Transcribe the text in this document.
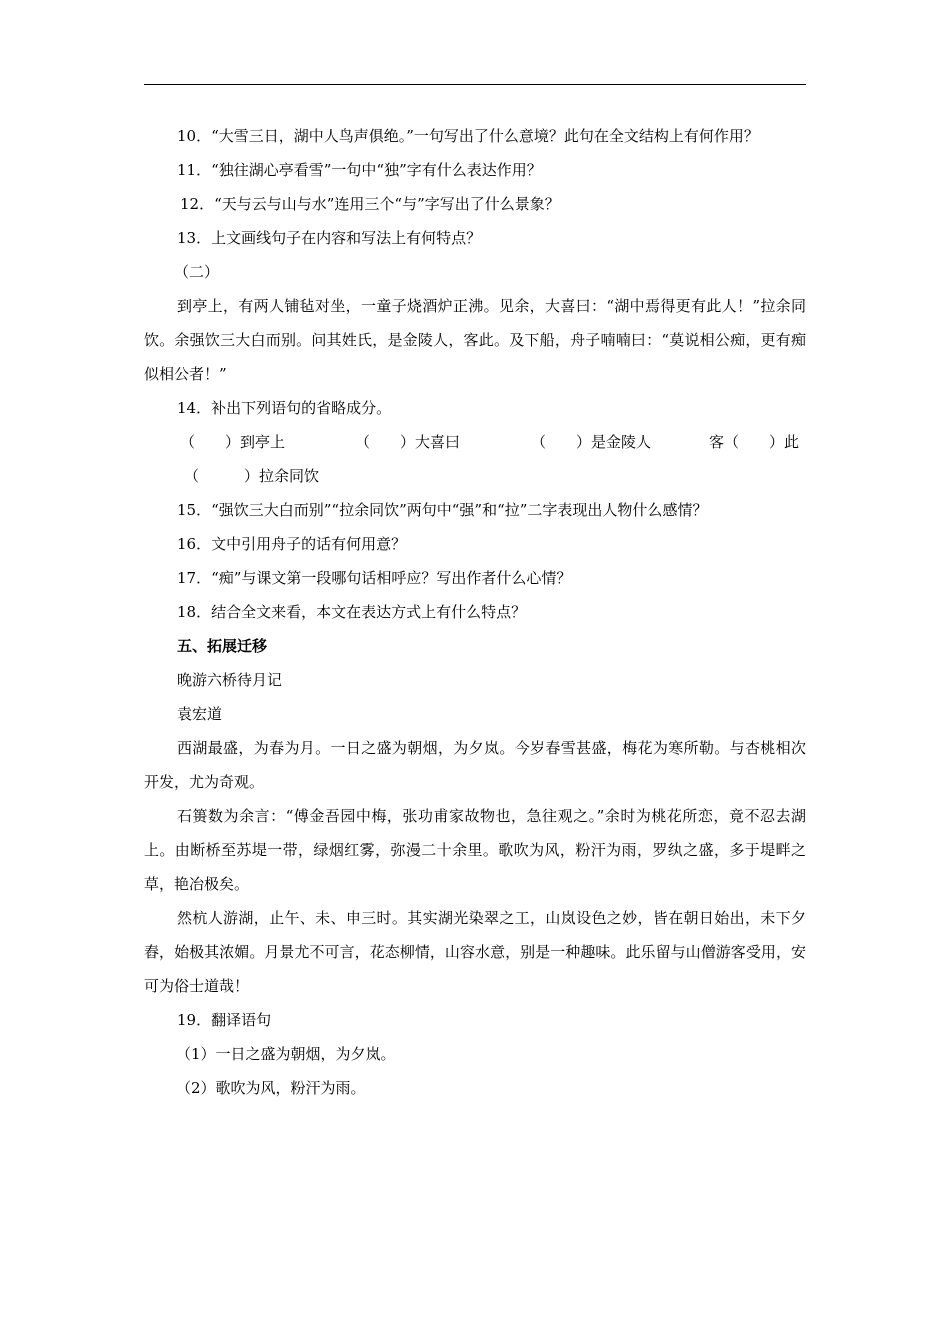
10．“大雪三日，湖中人鸟声俱绝。”一句写出了什么意境？此句在全文结构上有何作用？

11．“独往湖心亭看雪”一句中“独”字有什么表达作用？

12．“天与云与山与水”连用三个“与”字写出了什么景象？

13．上文画线句子在内容和写法上有何特点？

（二）

到亭上，有两人铺毡对坐，一童子烧酒炉正沸。见余，大喜曰：“湖中焉得更有此人！”拉余同饮。余强饮三大白而别。问其姓氏，是金陵人，客此。及下船，舟子喃喃曰：“莫说相公痴，更有痴似相公者！”

14．补出下列语句的省略成分。

（　　）到亭上	（　　）大喜曰	（　　）是金陵人	客（　　）此
（　　　）拉余同饮

15．“强饮三大白而别”“拉余同饮”两句中“强”和“拉”二字表现出人物什么感情？

16．文中引用舟子的话有何用意？

17．“痴”与课文第一段哪句话相呼应？写出作者什么心情？

18．结合全文来看，本文在表达方式上有什么特点？

五、拓展迁移

晚游六桥待月记

袁宏道

西湖最盛，为春为月。一日之盛为朝烟，为夕岚。今岁春雪甚盛，梅花为寒所勒。与杏桃相次开发，尤为奇观。

石篑数为余言：“傅金吾园中梅，张功甫家故物也，急往观之。”余时为桃花所恋，竟不忍去湖上。由断桥至苏堤一带，绿烟红雾，弥漫二十余里。歌吹为风，粉汗为雨，罗纨之盛，多于堤畔之草，艳冶极矣。

然杭人游湖，止午、未、申三时。其实湖光染翠之工，山岚设色之妙，皆在朝日始出，未下夕舂，始极其浓媚。月景尤不可言，花态柳情，山容水意，别是一种趣味。此乐留与山僧游客受用，安可为俗士道哉！

19．翻译语句

（1）一日之盛为朝烟，为夕岚。

（2）歌吹为风，粉汗为雨。
